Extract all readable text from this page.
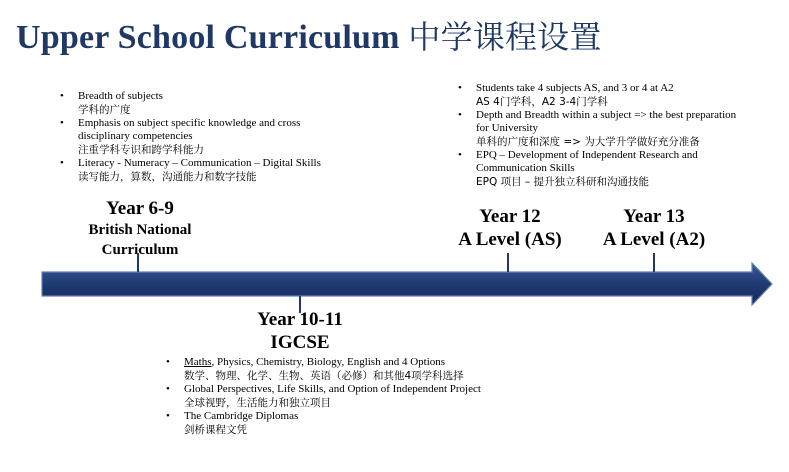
Upper School Curriculum 中学课程设置
• Breadth of subjects
学科的广度
• Emphasis on subject specific knowledge and cross
disciplinary competencies
注重学科专识和跨学科能力
• Literacy - Numeracy – Communication – Digital Skills
读写能力，算数，沟通能力和数字技能
• Students take 4 subjects AS, and 3 or 4 at A2
AS 4门学科，A2 3-4门学科
• Depth and Breadth within a subject => the best preparation
for University
单科的广度和深度 => 为大学升学做好充分准备
• EPQ – Development of Independent Research and
Communication Skills
EPQ 项目 – 提升独立科研和沟通技能
Year 6-9
British National
Curriculum
Year 12
A Level (AS)
Year 13
A Level (A2)
Year 10-11
IGCSE
• Maths, Physics, Chemistry, Biology, English and 4 Options
数学、物理、化学、生物、英语（必修）和其他4项学科选择
• Global Perspectives, Life Skills, and Option of Independent Project
全球视野，生活能力和独立项目
• The Cambridge Diplomas
剑桥课程文凭
